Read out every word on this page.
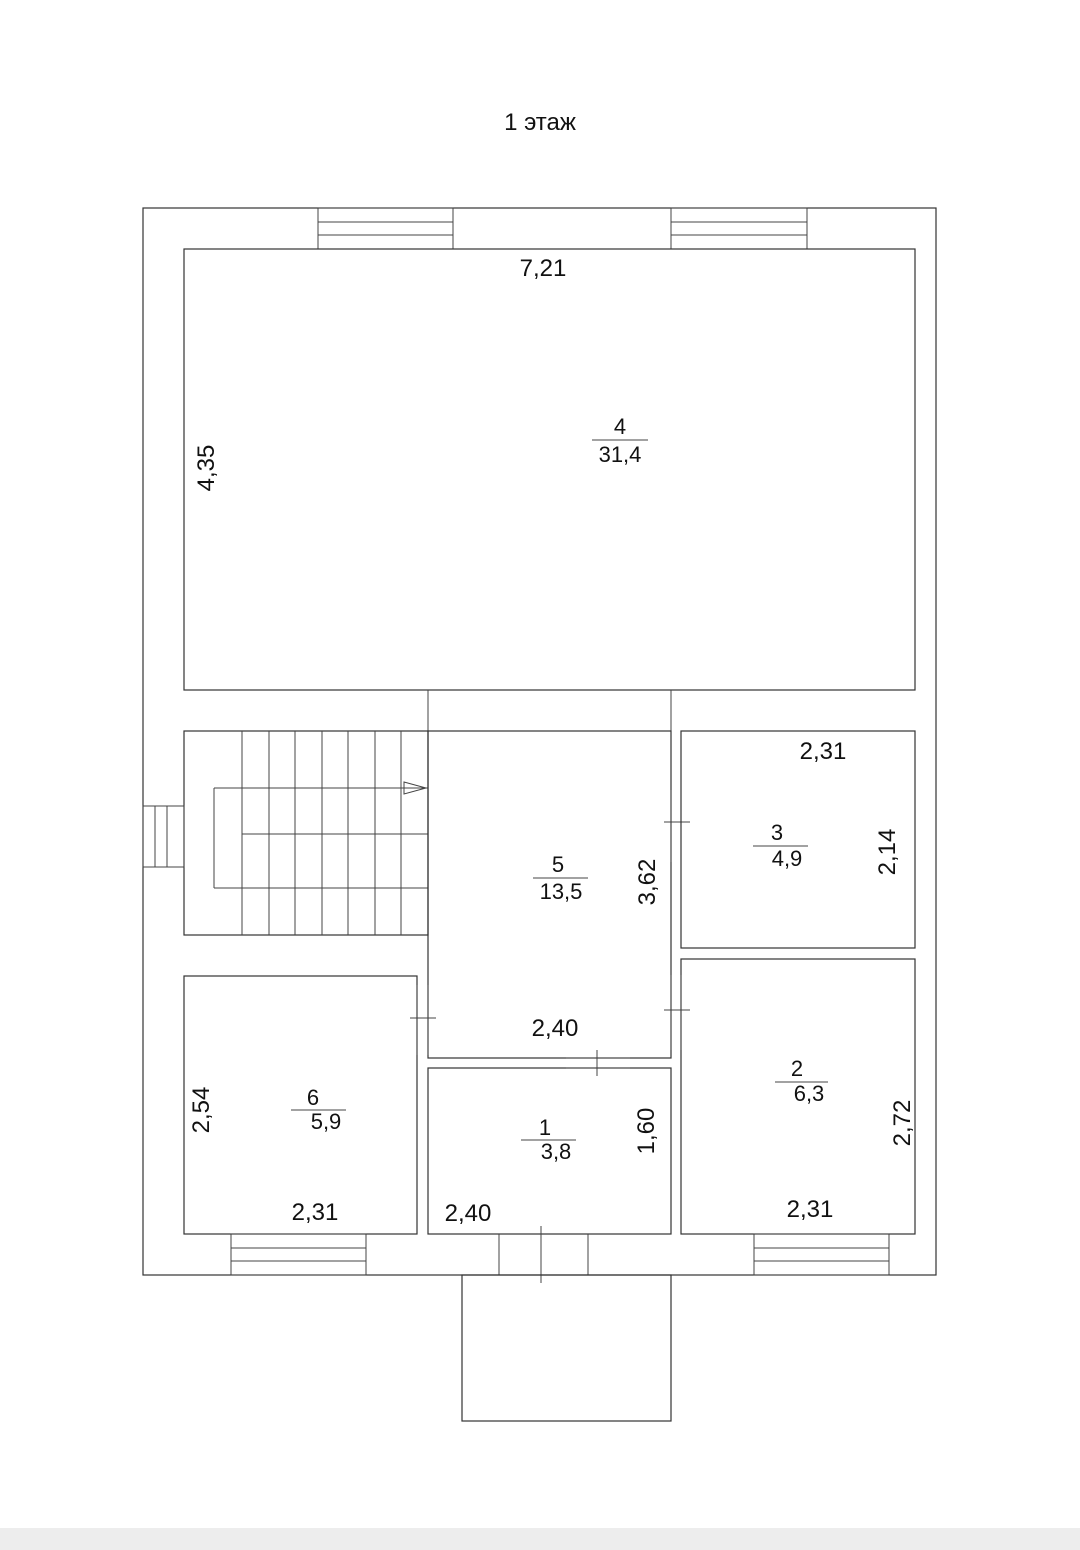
1 этаж
4
31,4
5
13,5
3
4,9
2
6,3
6
5,9	1
3,8
7,21
4,35
2,31
2,14
3,62
2,40
1,60
2,40	2,31
2,72
2,54
2,31
